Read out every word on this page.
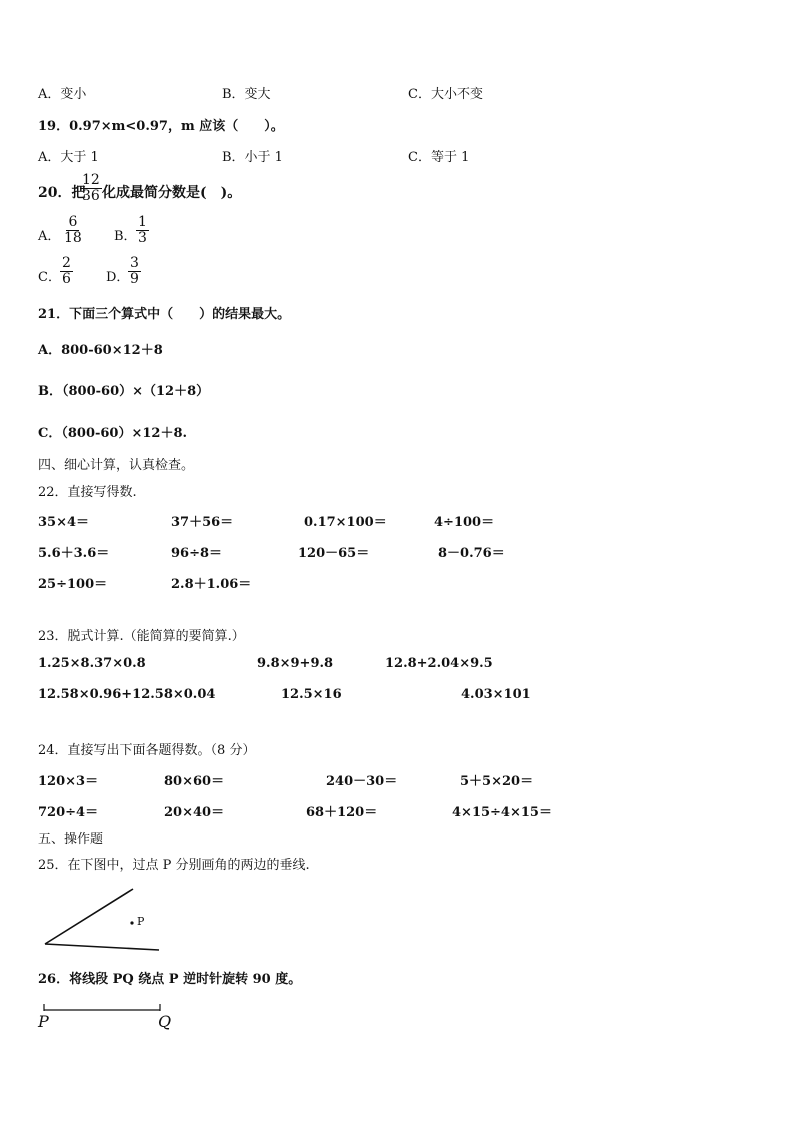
A．变小	B．变大	C．大小不变
19．0.97×m<0.97，m 应该（　　）。
A．大于 1	B．小于 1	C．等于 1
20．把
$\frac{12}{36}$ 化成最简分数是(　)。
A． $\frac{6}{18}$ B． $\frac{1}{3}$
C． $\frac{2}{6}$	D．
$\frac{3}{9}$
21．下面三个算式中（　　）的结果最大。
A．800-60×12＋8
B．（800-60）×（12＋8）
C．（800-60）×12＋8.
四、细心计算，认真检查。
22．直接写得数.
35×4＝	37＋56＝	0.17×100＝	4÷100＝
5.6＋3.6＝	96÷8＝	120－65＝	8－0.76＝
25÷100＝	2.8＋1.06＝
23．脱式计算.（能简算的要简算.）
1.25×8.37×0.8	9.8×9+9.8	12.8+2.04×9.5
12.58×0.96+12.58×0.04	12.5×16	4.03×101
24．直接写出下面各题得数。（8 分）
120×3＝	80×60＝	240－30＝	5＋5×20＝
720÷4＝	20×40＝	68＋120＝	4×15÷4×15＝
五、操作题
25．在下图中，过点 P 分别画角的两边的垂线.
26．将线段 PQ 绕点 P 逆时针旋转 90 度。
P
P	Q
